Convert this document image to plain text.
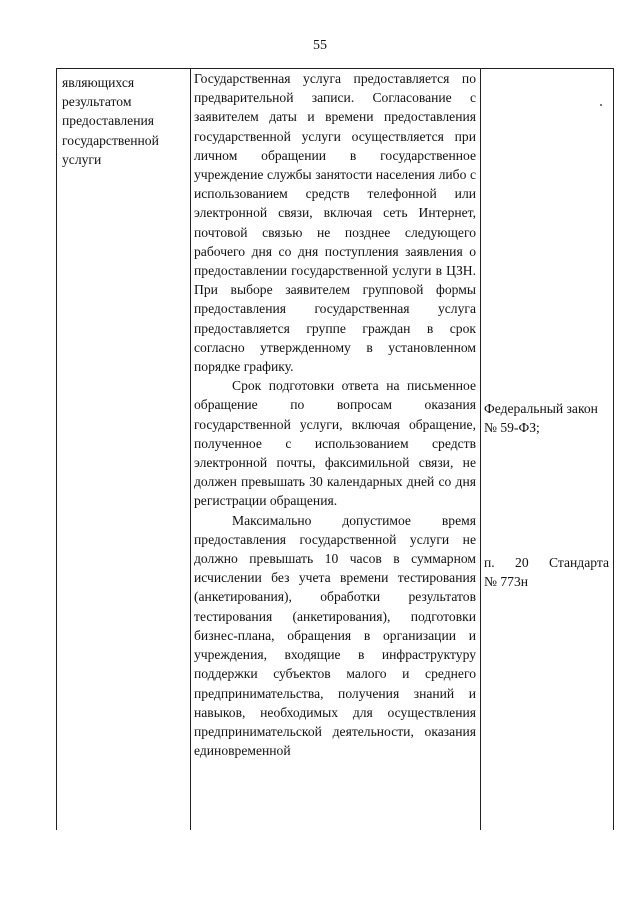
55
являющихся
результатом
предоставления
государственной
услуги

Государственная услуга предоставляется по предварительной записи. Согласование с заявителем даты и времени предоставления государственной услуги осуществляется при личном обращении в государственное учреждение службы занятости населения либо с использованием средств телефонной или электронной связи, включая сеть Интернет, почтовой связью не позднее следующего рабочего дня со дня поступления заявления о предоставлении государственной услуги в ЦЗН. При выборе заявителем групповой формы предоставления государственная услуга предоставляется группе граждан в срок согласно утвержденному в установленном порядке графику.

Срок подготовки ответа на письменное обращение по вопросам оказания государственной услуги, включая обращение, полученное с использованием средств электронной почты, факсимильной связи, не должен превышать 30 календарных дней со дня регистрации обращения.

Максимально допустимое время предоставления государственной услуги не должно превышать 10 часов в суммарном исчислении без учета времени тестирования (анкетирования), обработки результатов тестирования (анкетирования), подготовки бизнес-плана, обращения в организации и учреждения, входящие в инфраструктуру поддержки субъектов малого и среднего предпринимательства, получения знаний и навыков, необходимых для осуществления предпринимательской деятельности, оказания единовременной

Федеральный закон
№ 59-ФЗ;
п. 20 Стандарта
№ 773н
